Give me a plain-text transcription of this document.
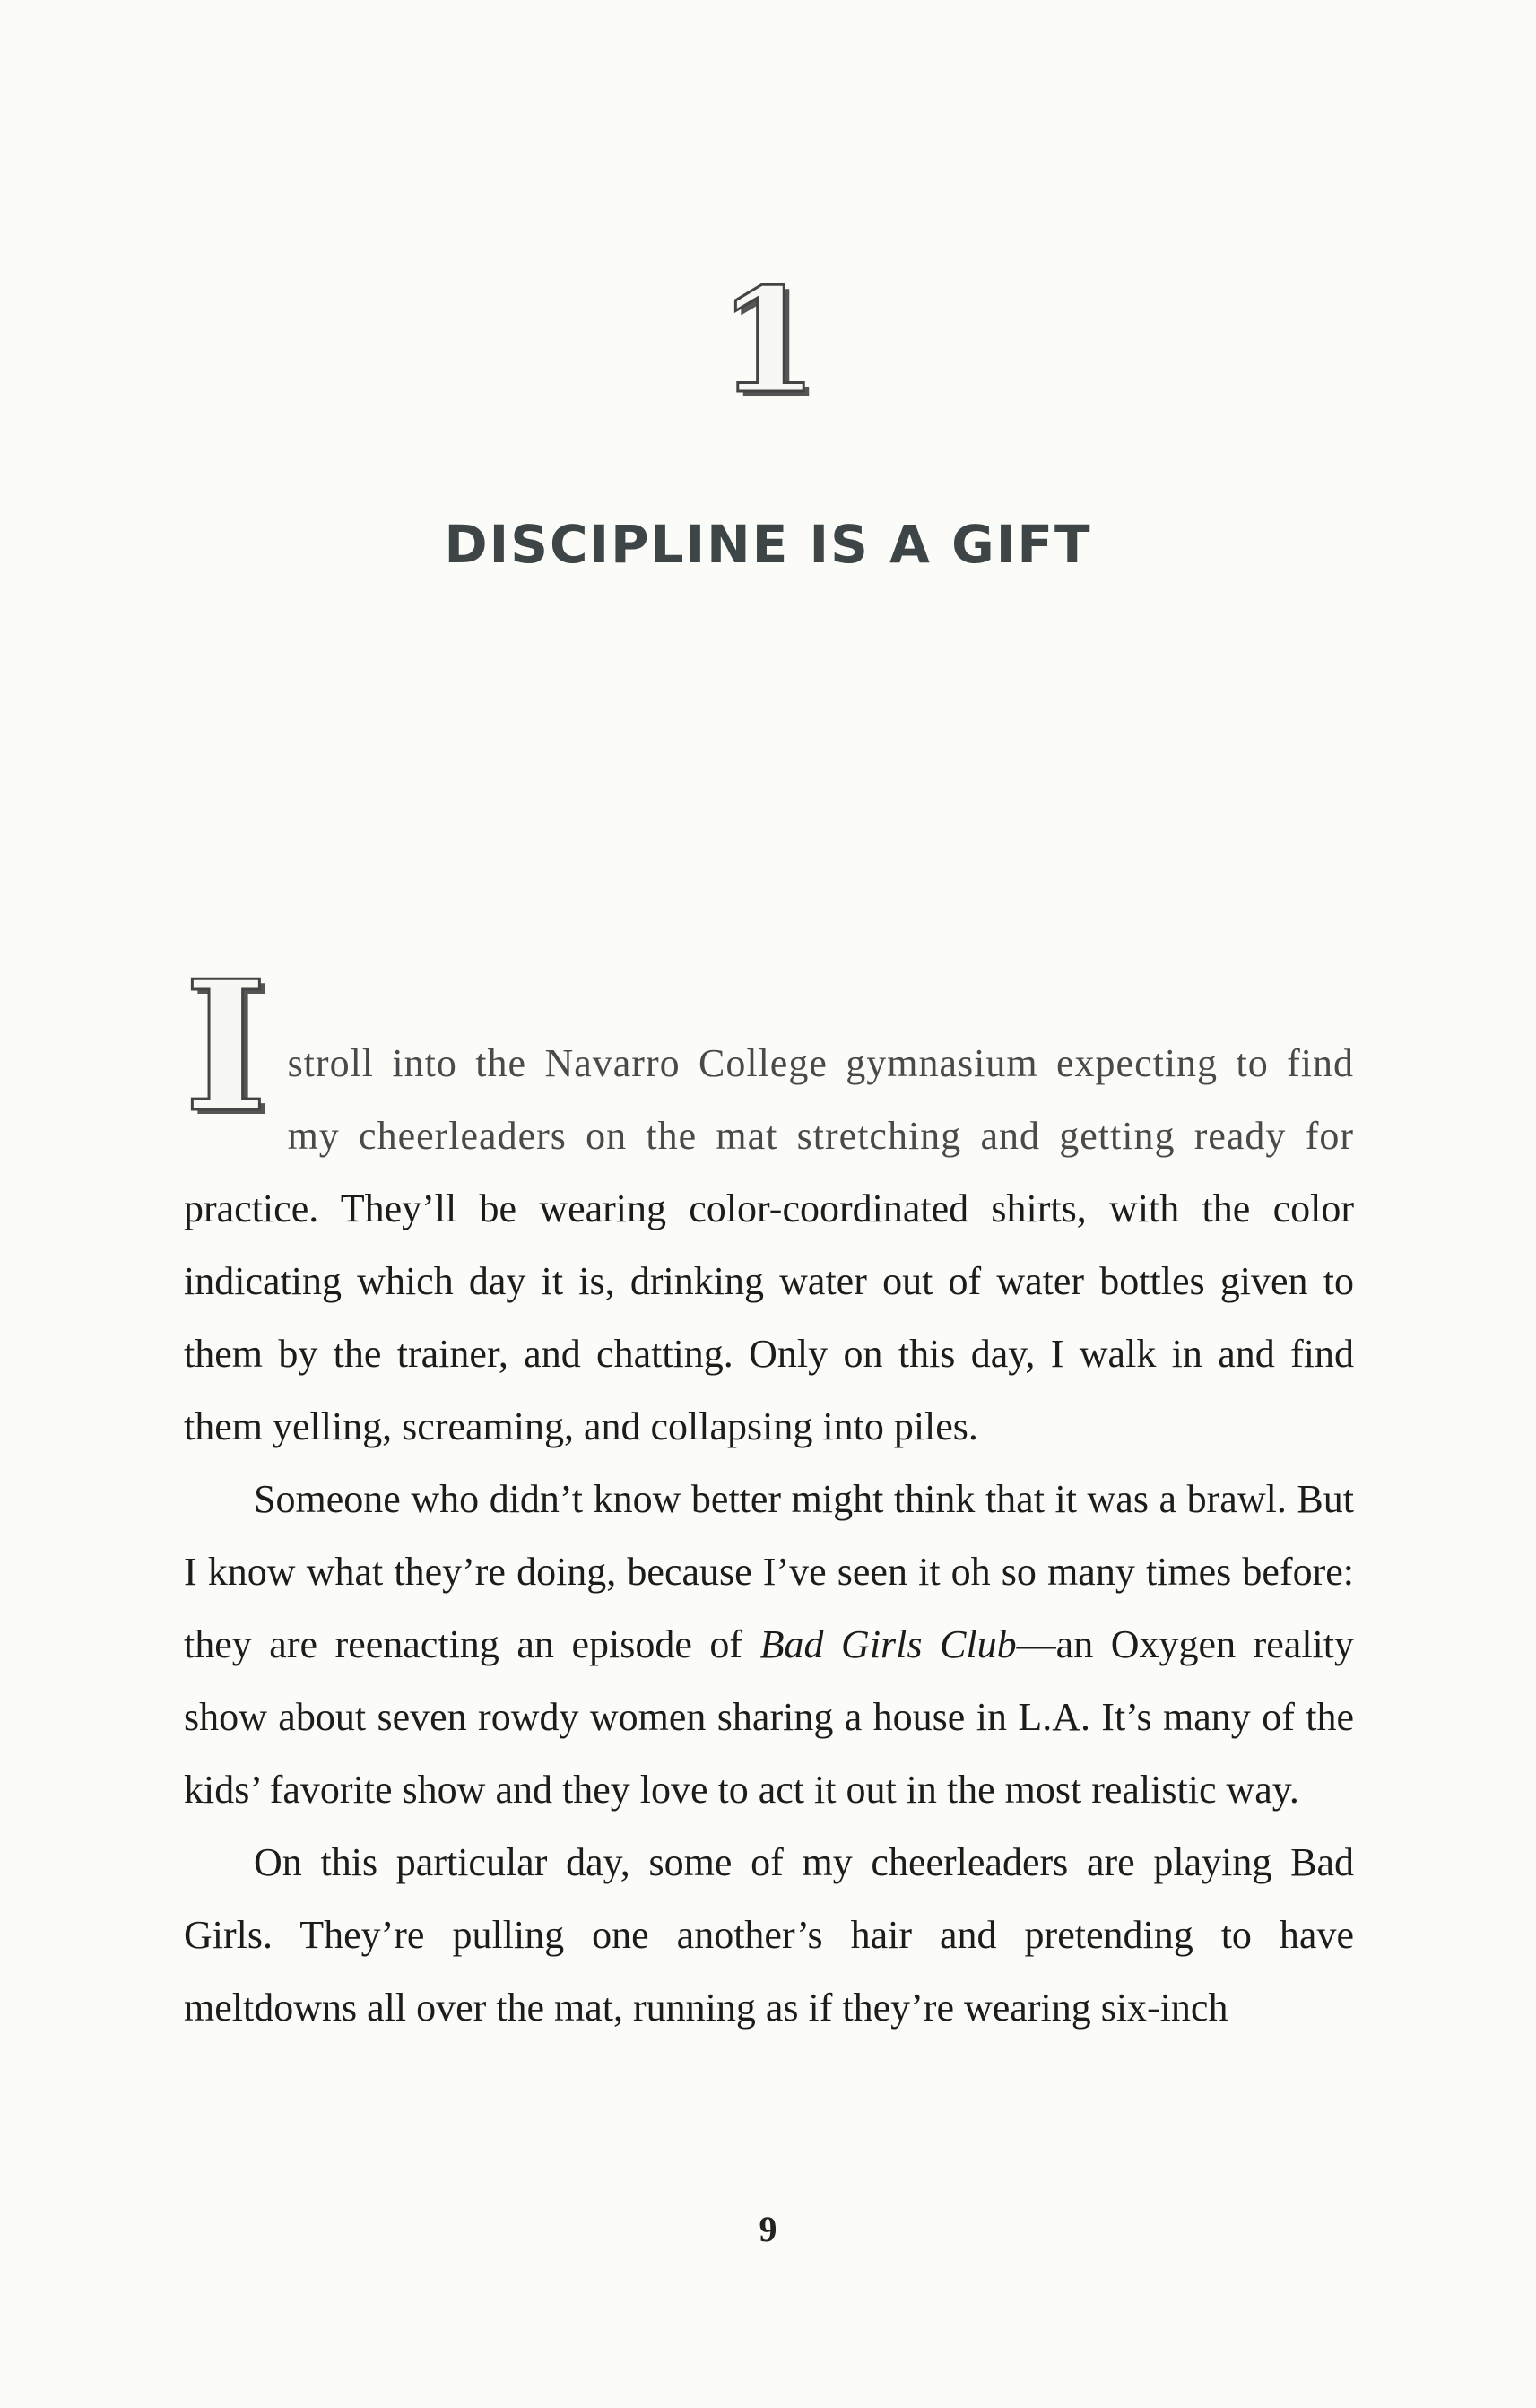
1
DISCIPLINE IS A GIFT

Istroll into the Navarro College gymnasium expecting to find my cheerleaders on the mat stretching and getting ready for practice. They’ll be wearing color-coordinated shirts, with the color indicating which day it is, drinking water out of water bottles given to them by the trainer, and chatting. Only on this day, I walk in and find them yelling, screaming, and collapsing into piles.

Someone who didn’t know better might think that it was a brawl. But I know what they’re doing, because I’ve seen it oh so many times before: they are reenacting an episode of Bad Girls Club—an Oxygen reality show about seven rowdy women sharing a house in L.A. It’s many of the kids’ favorite show and they love to act it out in the most realistic way.

On this particular day, some of my cheerleaders are playing Bad Girls. They’re pulling one another’s hair and pretending to have meltdowns all over the mat, running as if they’re wearing six-inch

9
